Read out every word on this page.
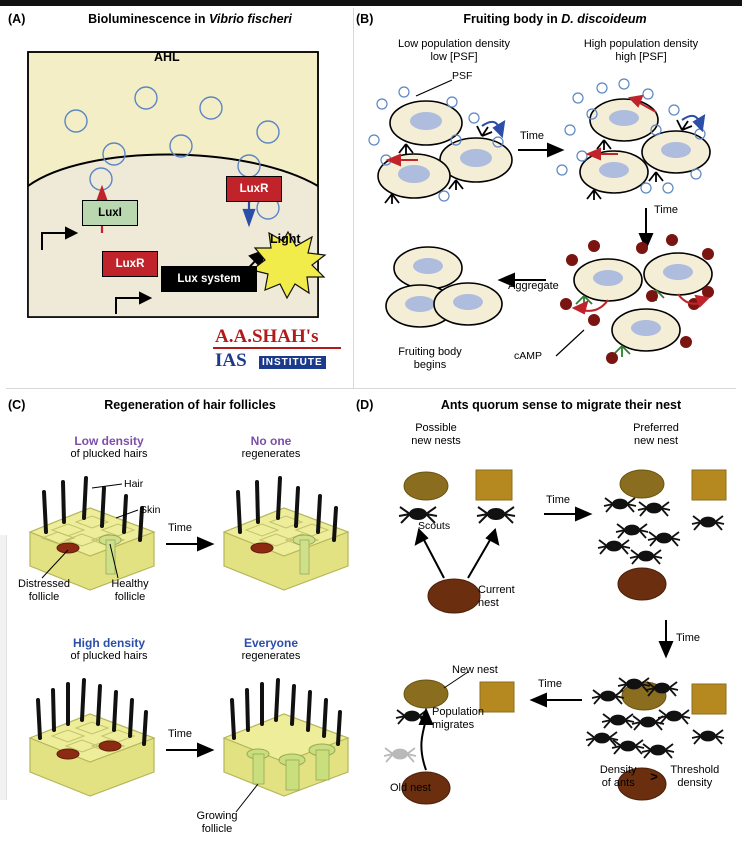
(A)	Bioluminescence in Vibrio fischeri
AHL
LuxI
LuxR
LuxR
Lux system
Light
A.A.SHAH's
IAS	INSTITUTE
(B)	Fruiting body in D. discoideum
Low population density
low [PSF]
High population density
high [PSF]
PSF
Time
Time
Aggregate
cAMP
Fruiting body
begins
(C)	Regeneration of hair follicles
Low density
of plucked hairs
No one
regenerates
Hair
Skin
Distressed
follicle
Healthy
follicle
Time
High density
of plucked hairs
Everyone
regenerates
Time
Growing
follicle
(D)	Ants quorum sense to migrate their nest
Possible
new nests
Preferred
new nest
Scouts
Current
nest
Time
Time
Time
New nest
Population
migrates
Old nest
Density
of ants	>	Threshold
density
